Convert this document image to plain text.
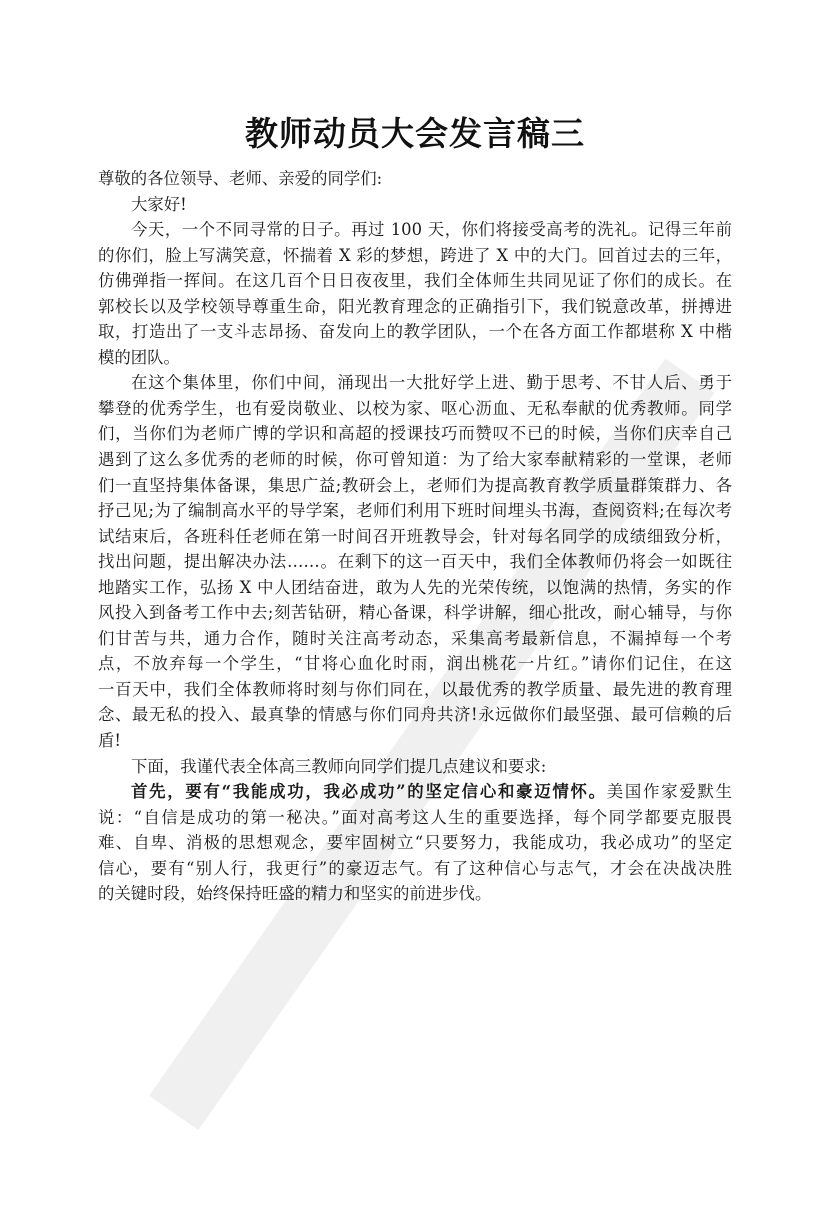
教师动员大会发言稿三
尊敬的各位领导、老师、亲爱的同学们:
大家好!
今天，一个不同寻常的日子。再过 100 天，你们将接受高考的洗礼。记得三年前
的你们，脸上写满笑意，怀揣着 X 彩的梦想，跨进了 X 中的大门。回首过去的三年，
仿佛弹指一挥间。在这几百个日日夜夜里，我们全体师生共同见证了你们的成长。在
郭校长以及学校领导尊重生命，阳光教育理念的正确指引下，我们锐意改革，拼搏进
取，打造出了一支斗志昂扬、奋发向上的教学团队，一个在各方面工作都堪称 X 中楷
模的团队。
在这个集体里，你们中间，涌现出一大批好学上进、勤于思考、不甘人后、勇于
攀登的优秀学生，也有爱岗敬业、以校为家、呕心沥血、无私奉献的优秀教师。同学
们，当你们为老师广博的学识和高超的授课技巧而赞叹不已的时候，当你们庆幸自己
遇到了这么多优秀的老师的时候，你可曾知道：为了给大家奉献精彩的一堂课，老师
们一直坚持集体备课，集思广益;教研会上，老师们为提高教育教学质量群策群力、各
抒己见;为了编制高水平的导学案，老师们利用下班时间埋头书海，查阅资料;在每次考
试结束后，各班科任老师在第一时间召开班教导会，针对每名同学的成绩细致分析，
找出问题，提出解决办法……。在剩下的这一百天中，我们全体教师仍将会一如既往
地踏实工作，弘扬 X 中人团结奋进，敢为人先的光荣传统，以饱满的热情，务实的作
风投入到备考工作中去;刻苦钻研，精心备课，科学讲解，细心批改，耐心辅导，与你
们甘苦与共，通力合作，随时关注高考动态，采集高考最新信息，不漏掉每一个考
点，不放弃每一个学生，“甘将心血化时雨，润出桃花一片红。”请你们记住，在这
一百天中，我们全体教师将时刻与你们同在，以最优秀的教学质量、最先进的教育理
念、最无私的投入、最真挚的情感与你们同舟共济!永远做你们最坚强、最可信赖的后
盾!
下面，我谨代表全体高三教师向同学们提几点建议和要求:
首先，要有“我能成功，我必成功”的坚定信心和豪迈情怀。美国作家爱默生
说：“自信是成功的第一秘决。”面对高考这人生的重要选择，每个同学都要克服畏
难、自卑、消极的思想观念，要牢固树立“只要努力，我能成功，我必成功”的坚定
信心，要有“别人行，我更行”的豪迈志气。有了这种信心与志气，才会在决战决胜
的关键时段，始终保持旺盛的精力和坚实的前进步伐。
